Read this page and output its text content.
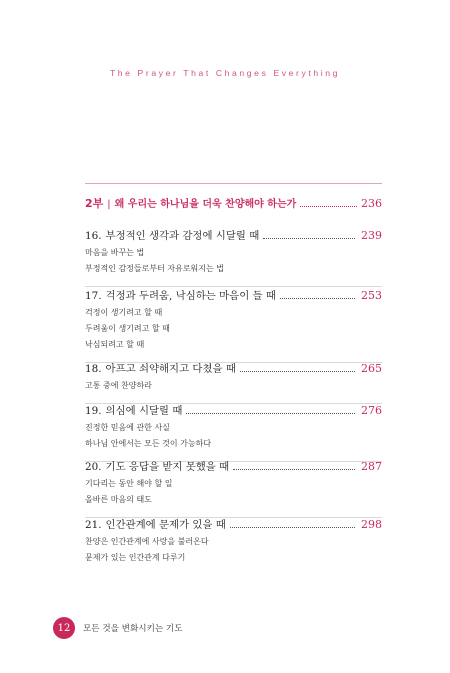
The Prayer That Changes Everything
2부 | 왜 우리는 하나님을 더욱 찬양해야 하는가	236
16. 부정적인 생각과 감정에 시달릴 때	239
마음을 바꾸는 법
부정적인 감정들로부터 자유로워지는 법
17. 걱정과 두려움, 낙심하는 마음이 들 때	253
걱정이 생기려고 할 때
두려움이 생기려고 할 때
낙심되려고 할 때
18. 아프고 쇠약해지고 다쳤을 때	265
고통 중에 찬양하라
19. 의심에 시달릴 때	276
진정한 믿음에 관한 사실
하나님 안에서는 모든 것이 가능하다
20. 기도 응답을 받지 못했을 때	287
기다리는 동안 해야 할 일
올바른 마음의 태도
21. 인간관계에 문제가 있을 때	298
찬양은 인간관계에 사랑을 불러온다
문제가 있는 인간관계 다루기
12	모든 것을 변화시키는 기도
